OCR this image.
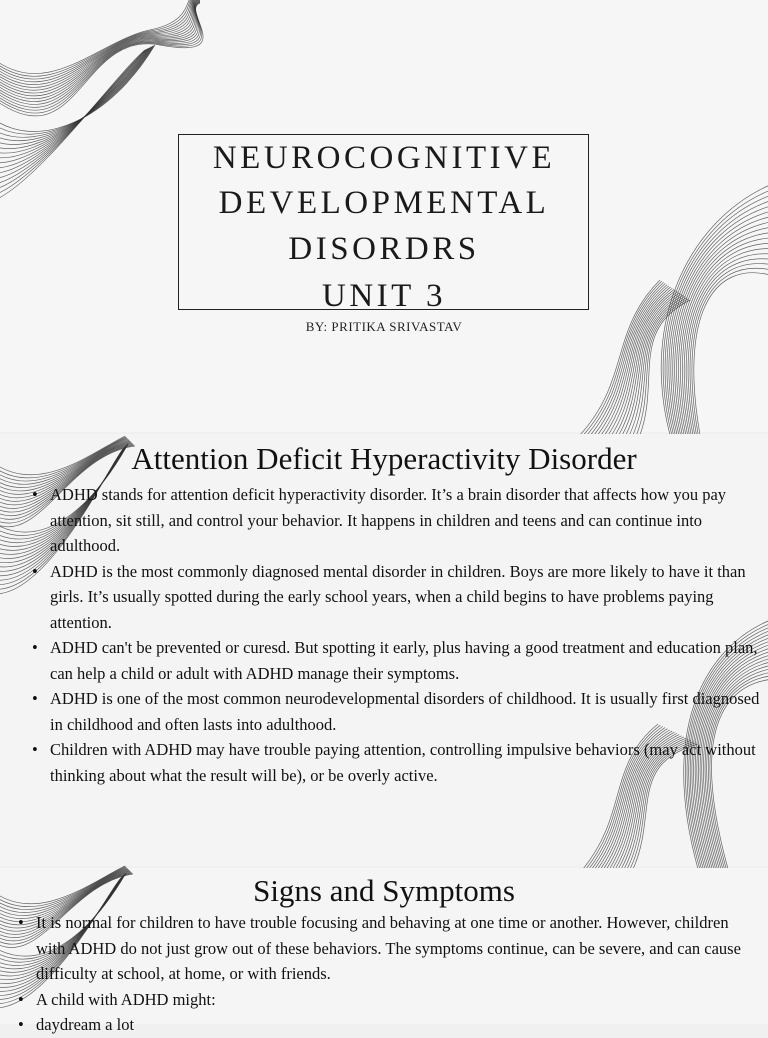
NEUROCOGNITIVE
DEVELOPMENTAL
DISORDRS
UNIT 3
BY: PRITIKA SRIVASTAV
Attention Deficit Hyperactivity Disorder
• ADHD stands for attention deficit hyperactivity disorder. It’s a brain disorder that affects how you pay attention, sit still, and control your behavior. It happens in children and teens and can continue into adulthood.
• ADHD is the most commonly diagnosed mental disorder in children. Boys are more likely to have it than girls. It’s usually spotted during the early school years, when a child begins to have problems paying attention.
• ADHD can't be prevented or curesd. But spotting it early, plus having a good treatment and education plan, can help a child or adult with ADHD manage their symptoms.
• ADHD is one of the most common neurodevelopmental disorders of childhood. It is usually first diagnosed in childhood and often lasts into adulthood.
• Children with ADHD may have trouble paying attention, controlling impulsive behaviors (may act without thinking about what the result will be), or be overly active.
Signs and Symptoms
• It is normal for children to have trouble focusing and behaving at one time or another. However, children with ADHD do not just grow out of these behaviors. The symptoms continue, can be severe, and can cause difficulty at school, at home, or with friends.
• A child with ADHD might:
• daydream a lot
